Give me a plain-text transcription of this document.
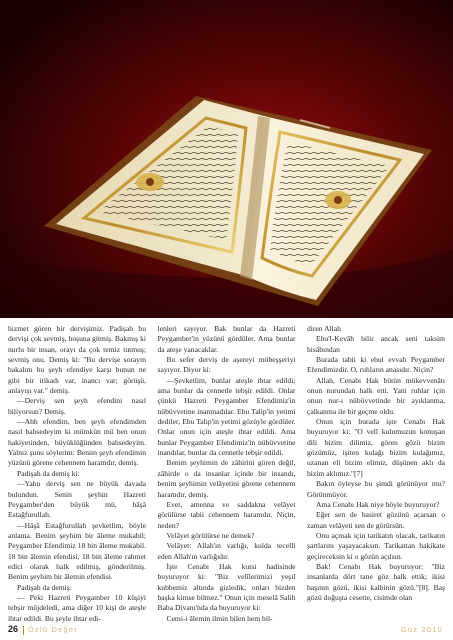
hizmet gören bir dervişimiz. Padişah bu dervişi çok sevmiş, hoşuna gitmiş. Bakmış ki nurlu bir insan, orayı da çok temiz tutmuş; sevmiş onu. Demiş ki: "Bu dervişe soraym bakalım bu şeyh efendiye karşı bunun ne gibi bir itikadı var, inancı var; görüşü, anlayışı var." demiş.

—Derviş sen şeyh efendini nasıl biliyorsun? Demiş.

—Ahh efendim, ben şeyh efendimden nasıl bahsedeyim ki mümkün mü ben onun hakiyetinden, büyüklüğünden bahsedeyim. Yalnız şunu söylerim: Benim şeyh efendimin yüzünü görene cehennem haramdır, demiş.

Padişah da demiş ki:

—Yahu derviş sen ne büyük davada bulundun. Senin şeyhin Hazreti Peygamber'den büyük mü, hâşâ Estağfurullah.

—Hâşâ Estağfurullah şevketlim, böyle anlama. Benim şeyhim bir âleme mukabil; Peygamber Efendimiz 18 bin âleme mukabil. 18 bin âlemin efendisi, 18 bin âleme rahmet edici olarak halk edilmiş, gönderilmiş. Benim şeyhim bir âlemin efendisi.

Padişah da demiş:

— Peki Hazreti Peygamber 10 küşiyi tebşir müjdeledi, ama diğer 10 kişi de ateşle ihtar edildi. Bu şeyle ihtar edi-

lenleri sayıyor. Bak bunlar da Hazreti Peygamber'in yüzünü gördüler. Ama bunlar da ateşe yanacaklar.

Bu sefer derviş de aşereyi mübeşşeriyi sayıyor. Diyor ki:

—Şevketlim, bunlar ateşle ihtar edildi; ama bunlar da cennetle tebşir edildi. Onlar çünkü Hazreti Peygamber Efendimiz'in nübüvvetine inanmadılar. Ebu Talip'in yetimi dediler, Ebu Talip'in yetimi gözüyle gördüler. Onlar onun için ateşle ihtar edildi. Ama bunlar Peygamber Efendimiz'in nübüvvetine inandılar, bunlar da cennetle tebşir edildi.

Benim şeyhimin de zâhirini gören değil, zâhirde o da insanlar içinde bir insandı, benim şeyhimin velâyetini görene cehennem haramdır, demiş.

Evet, amenna ve saddakna velâyet görülürse tabii cehennem haramdır. Niçin, neden?

Velâyet görülürse ne demek?

Velâyet: Allah'ın varlığı, kulda tecelli eden Allah'ın varlığıdır.

İşte Cenabı Hak kutsi hadisinde buyuruyor ki: "Biz velîlerimizi yeşil kubbemiz altında gizledik, onları bizden başka kimse bilmez." Onun için meselâ Salih Baba Divanı'nda da buyuruyor ki:

Cemi-i âlemin ilmin bilen hem bil-

diren Allah

Ebu'l-Kevâh bilir ancak seni taksim hisâbından

Burada tabii ki ebul evvah Peygamber Efendimizdir. O, ruhların anasıdır. Niçin?

Allah, Cenabı Hak bütün mükevvenâtı onun nurundan halk etti. Yani ruhlar için onun nur-ı nübüvvetinde bir ayıklanma, çalkanma ile bir geçme oldu.

Onun için burada işte Cenabı Hak buyuruyor ki: "O velî kulumuzun konuşan dili bizim dilimiz, gören gözü bizim gözümüz, işiten kulağı bizim kulağımız, uzanan eli bizim elimiz, düşünen aklı da bizim aklımız."[7]

Bakın öyleyse bu şimdi görünüyor mu? Görünmüyor.

Ama Cenabı Hak niye böyle buyuruyor?

Eğer sen de basiret gözünü açarsan o zaman velâyeti sen de görürsün.

Onu açmak için tarikatın olacak, tarikatın şartlarını yaşayacaksın. Tarikattan hakikate geçireceksin ki o gözün açılsın.

Bak! Cenabı Hak buyuruyor: "Biz insanlarda dört tane göz halk ettik; ikisi başının gözü, ikisi kalbinin gözü."[8]. Baş gözü doğuşta cesette, cisimde olan

26 Özlü Değer	Güz 2010
